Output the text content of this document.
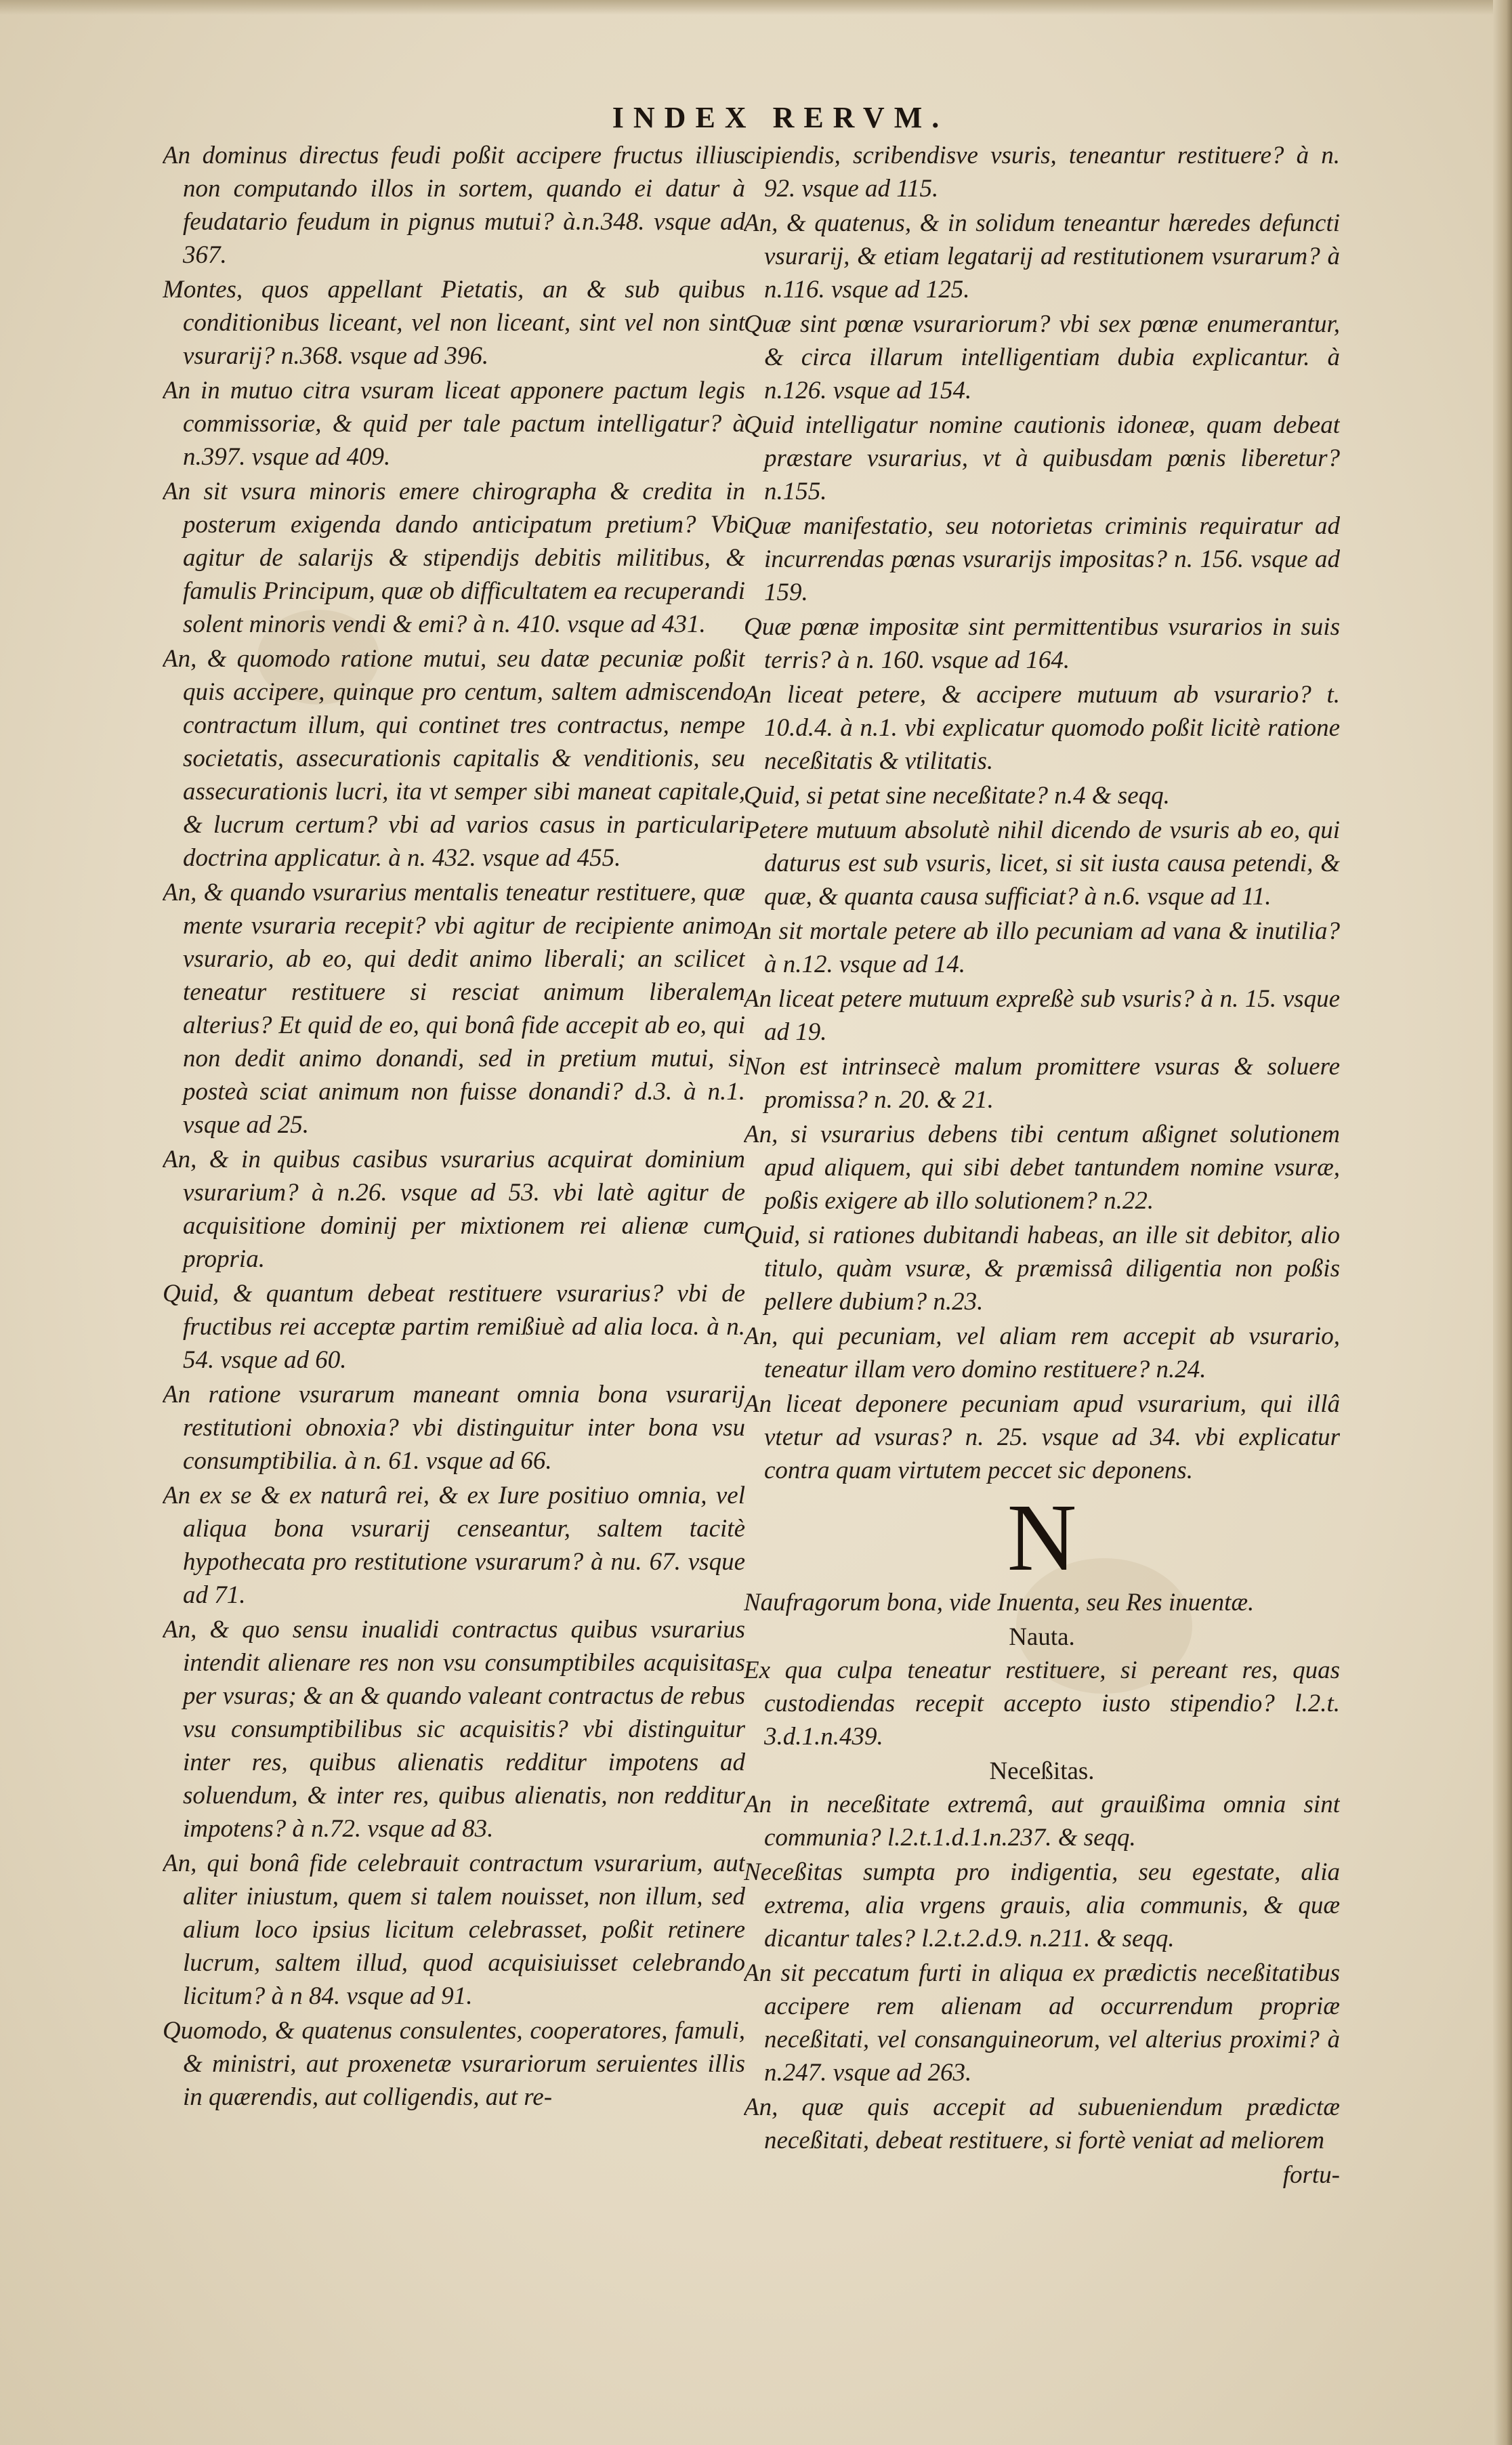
INDEX RERVM.

An dominus directus feudi poßit accipere fructus illius non computando illos in sortem, quando ei datur à feudatario feudum in pignus mutui? à.n.348. vsque ad 367.

Montes, quos appellant Pietatis, an & sub quibus conditionibus liceant, vel non liceant, sint vel non sint vsurarij? n.368. vsque ad 396.

An in mutuo citra vsuram liceat apponere pactum legis commissoriæ, & quid per tale pactum intelligatur? à n.397. vsque ad 409.

An sit vsura minoris emere chirographa & credita in posterum exigenda dando anticipatum pretium? Vbi agitur de salarijs & stipendijs debitis militibus, & famulis Principum, quæ ob difficultatem ea recuperandi solent minoris vendi & emi? à n. 410. vsque ad 431.

An, & quomodo ratione mutui, seu datæ pecuniæ poßit quis accipere, quinque pro centum, saltem admiscendo contractum illum, qui continet tres contractus, nempe societatis, assecurationis capitalis & venditionis, seu assecurationis lucri, ita vt semper sibi maneat capitale, & lucrum certum? vbi ad varios casus in particulari doctrina applicatur. à n. 432. vsque ad 455.

An, & quando vsurarius mentalis teneatur restituere, quæ mente vsuraria recepit? vbi agitur de recipiente animo vsurario, ab eo, qui dedit animo liberali; an scilicet teneatur restituere si resciat animum liberalem alterius? Et quid de eo, qui bonâ fide accepit ab eo, qui non dedit animo donandi, sed in pretium mutui, si posteà sciat animum non fuisse donandi? d.3. à n.1. vsque ad 25.

An, & in quibus casibus vsurarius acquirat dominium vsurarium? à n.26. vsque ad 53. vbi latè agitur de acquisitione dominij per mixtionem rei alienæ cum propria.

Quid, & quantum debeat restituere vsurarius? vbi de fructibus rei acceptæ partim remißiuè ad alia loca. à n. 54. vsque ad 60.

An ratione vsurarum maneant omnia bona vsurarij restitutioni obnoxia? vbi distinguitur inter bona vsu consumptibilia. à n. 61. vsque ad 66.

An ex se & ex naturâ rei, & ex Iure positiuo omnia, vel aliqua bona vsurarij censeantur, saltem tacitè hypothecata pro restitutione vsurarum? à nu. 67. vsque ad 71.

An, & quo sensu inualidi contractus quibus vsurarius intendit alienare res non vsu consumptibiles acquisitas per vsuras; & an & quando valeant contractus de rebus vsu consumptibilibus sic acquisitis? vbi distinguitur inter res, quibus alienatis redditur impotens ad soluendum, & inter res, quibus alienatis, non redditur impotens? à n.72. vsque ad 83.

An, qui bonâ fide celebrauit contractum vsurarium, aut aliter iniustum, quem si talem nouisset, non illum, sed alium loco ipsius licitum celebrasset, poßit retinere lucrum, saltem illud, quod acquisiuisset celebrando licitum? à n 84. vsque ad 91.

Quomodo, & quatenus consulentes, cooperatores, famuli, & ministri, aut proxenetæ vsurariorum seruientes illis in quærendis, aut colligendis, aut re-

cipiendis, scribendisve vsuris, teneantur restituere? à n. 92. vsque ad 115.

An, & quatenus, & in solidum teneantur hæredes defuncti vsurarij, & etiam legatarij ad restitutionem vsurarum? à n.116. vsque ad 125.

Quæ sint pœnæ vsurariorum? vbi sex pœnæ enumerantur, & circa illarum intelligentiam dubia explicantur. à n.126. vsque ad 154.

Quid intelligatur nomine cautionis idoneæ, quam debeat præstare vsurarius, vt à quibusdam pœnis liberetur? n.155.

Quæ manifestatio, seu notorietas criminis requiratur ad incurrendas pœnas vsurarijs impositas? n. 156. vsque ad 159.

Quæ pœnæ impositæ sint permittentibus vsurarios in suis terris? à n. 160. vsque ad 164.

An liceat petere, & accipere mutuum ab vsurario? t. 10.d.4. à n.1. vbi explicatur quomodo poßit licitè ratione neceßitatis & vtilitatis.

Quid, si petat sine neceßitate? n.4 & seqq.

Petere mutuum absolutè nihil dicendo de vsuris ab eo, qui daturus est sub vsuris, licet, si sit iusta causa petendi, & quæ, & quanta causa sufficiat? à n.6. vsque ad 11.

An sit mortale petere ab illo pecuniam ad vana & inutilia? à n.12. vsque ad 14.

An liceat petere mutuum expreßè sub vsuris? à n. 15. vsque ad 19.

Non est intrinsecè malum promittere vsuras & soluere promissa? n. 20. & 21.

An, si vsurarius debens tibi centum aßignet solutionem apud aliquem, qui sibi debet tantundem nomine vsuræ, poßis exigere ab illo solutionem? n.22.

Quid, si rationes dubitandi habeas, an ille sit debitor, alio titulo, quàm vsuræ, & præmissâ diligentia non poßis pellere dubium? n.23.

An, qui pecuniam, vel aliam rem accepit ab vsurario, teneatur illam vero domino restituere? n.24.

An liceat deponere pecuniam apud vsurarium, qui illâ vtetur ad vsuras? n. 25. vsque ad 34. vbi explicatur contra quam virtutem peccet sic deponens.

N

Naufragorum bona, vide Inuenta, seu Res inuentæ.

Nauta.

Ex qua culpa teneatur restituere, si pereant res, quas custodiendas recepit accepto iusto stipendio? l.2.t. 3.d.1.n.439.

Neceßitas.

An in neceßitate extremâ, aut grauißima omnia sint communia? l.2.t.1.d.1.n.237. & seqq.

Neceßitas sumpta pro indigentia, seu egestate, alia extrema, alia vrgens grauis, alia communis, & quæ dicantur tales? l.2.t.2.d.9. n.211. & seqq.

An sit peccatum furti in aliqua ex prædictis neceßitatibus accipere rem alienam ad occurrendum propriæ neceßitati, vel consanguineorum, vel alterius proximi? à n.247. vsque ad 263.

An, quæ quis accepit ad subueniendum prædictæ neceßitati, debeat restituere, si fortè veniat ad meliorem

fortu-
